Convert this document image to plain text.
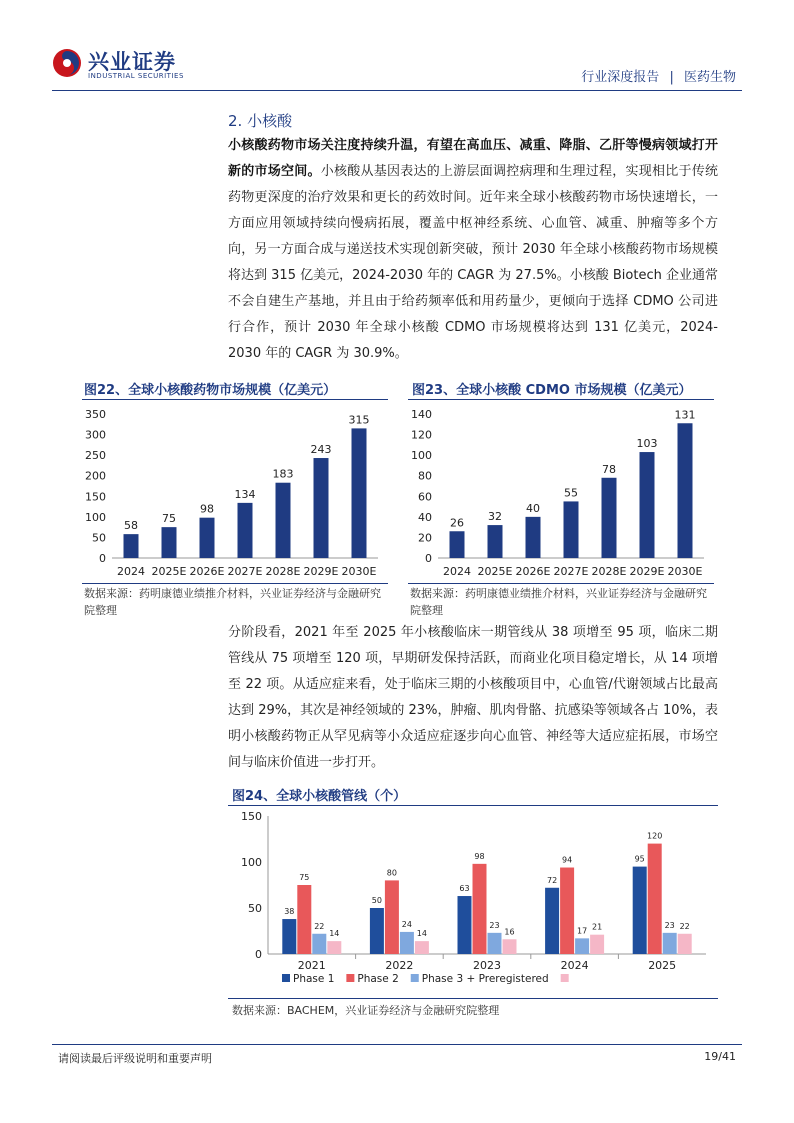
兴业证券
INDUSTRIAL SECURITIES	行业深度报告 | 医药生物
2. 小核酸

小核酸药物市场关注度持续升温，有望在高血压、减重、降脂、乙肝等慢病领域打开新的市场空间。小核酸从基因表达的上游层面调控病理和生理过程，实现相比于传统药物更深度的治疗效果和更长的药效时间。近年来全球小核酸药物市场快速增长，一方面应用领域持续向慢病拓展，覆盖中枢神经系统、心血管、减重、肿瘤等多个方向，另一方面合成与递送技术实现创新突破，预计 2030 年全球小核酸药物市场规模将达到 315 亿美元，2024-2030 年的 CAGR 为 27.5%。小核酸 Biotech 企业通常不会自建生产基地，并且由于给药频率低和用药量少，更倾向于选择 CDMO 公司进行合作，预计 2030 年全球小核酸 CDMO 市场规模将达到 131 亿美元，2024-2030 年的 CAGR 为 30.9%。

图22、全球小核酸药物市场规模（亿美元）
0
50
100
150
200
250
300
350
58
2024
75
2025E
98
2026E
134
2027E
183
2028E
243
2029E
315
2030E
数据来源：药明康德业绩推介材料，兴业证券经济与金融研究院整理
图23、全球小核酸 CDMO 市场规模（亿美元）
0
20
40
60
80
100
120
140
26
2024
32
2025E
40
2026E
55
2027E
78
2028E
103
2029E
131
2030E
数据来源：药明康德业绩推介材料，兴业证券经济与金融研究院整理

分阶段看，2021 年至 2025 年小核酸临床一期管线从 38 项增至 95 项，临床二期管线从 75 项增至 120 项，早期研发保持活跃，而商业化项目稳定增长，从 14 项增至 22 项。从适应症来看，处于临床三期的小核酸项目中，心血管/代谢领域占比最高达到 29%，其次是神经领域的 23%，肿瘤、肌肉骨骼、抗感染等领域各占 10%，表明小核酸药物正从罕见病等小众适应症逐步向心血管、神经等大适应症拓展，市场空间与临床价值进一步打开。

图24、全球小核酸管线（个）
0
50
100
150
38
75
22
14
2021
50
80
24
14
2022
63
98
23
16
2023
72
94
17 21
2024
95
120
23 22
2025
Phase 1 Phase 2 Phase 3 + Preregistered
数据来源：BACHEM，兴业证券经济与金融研究院整理
请阅读最后评级说明和重要声明	19/41
